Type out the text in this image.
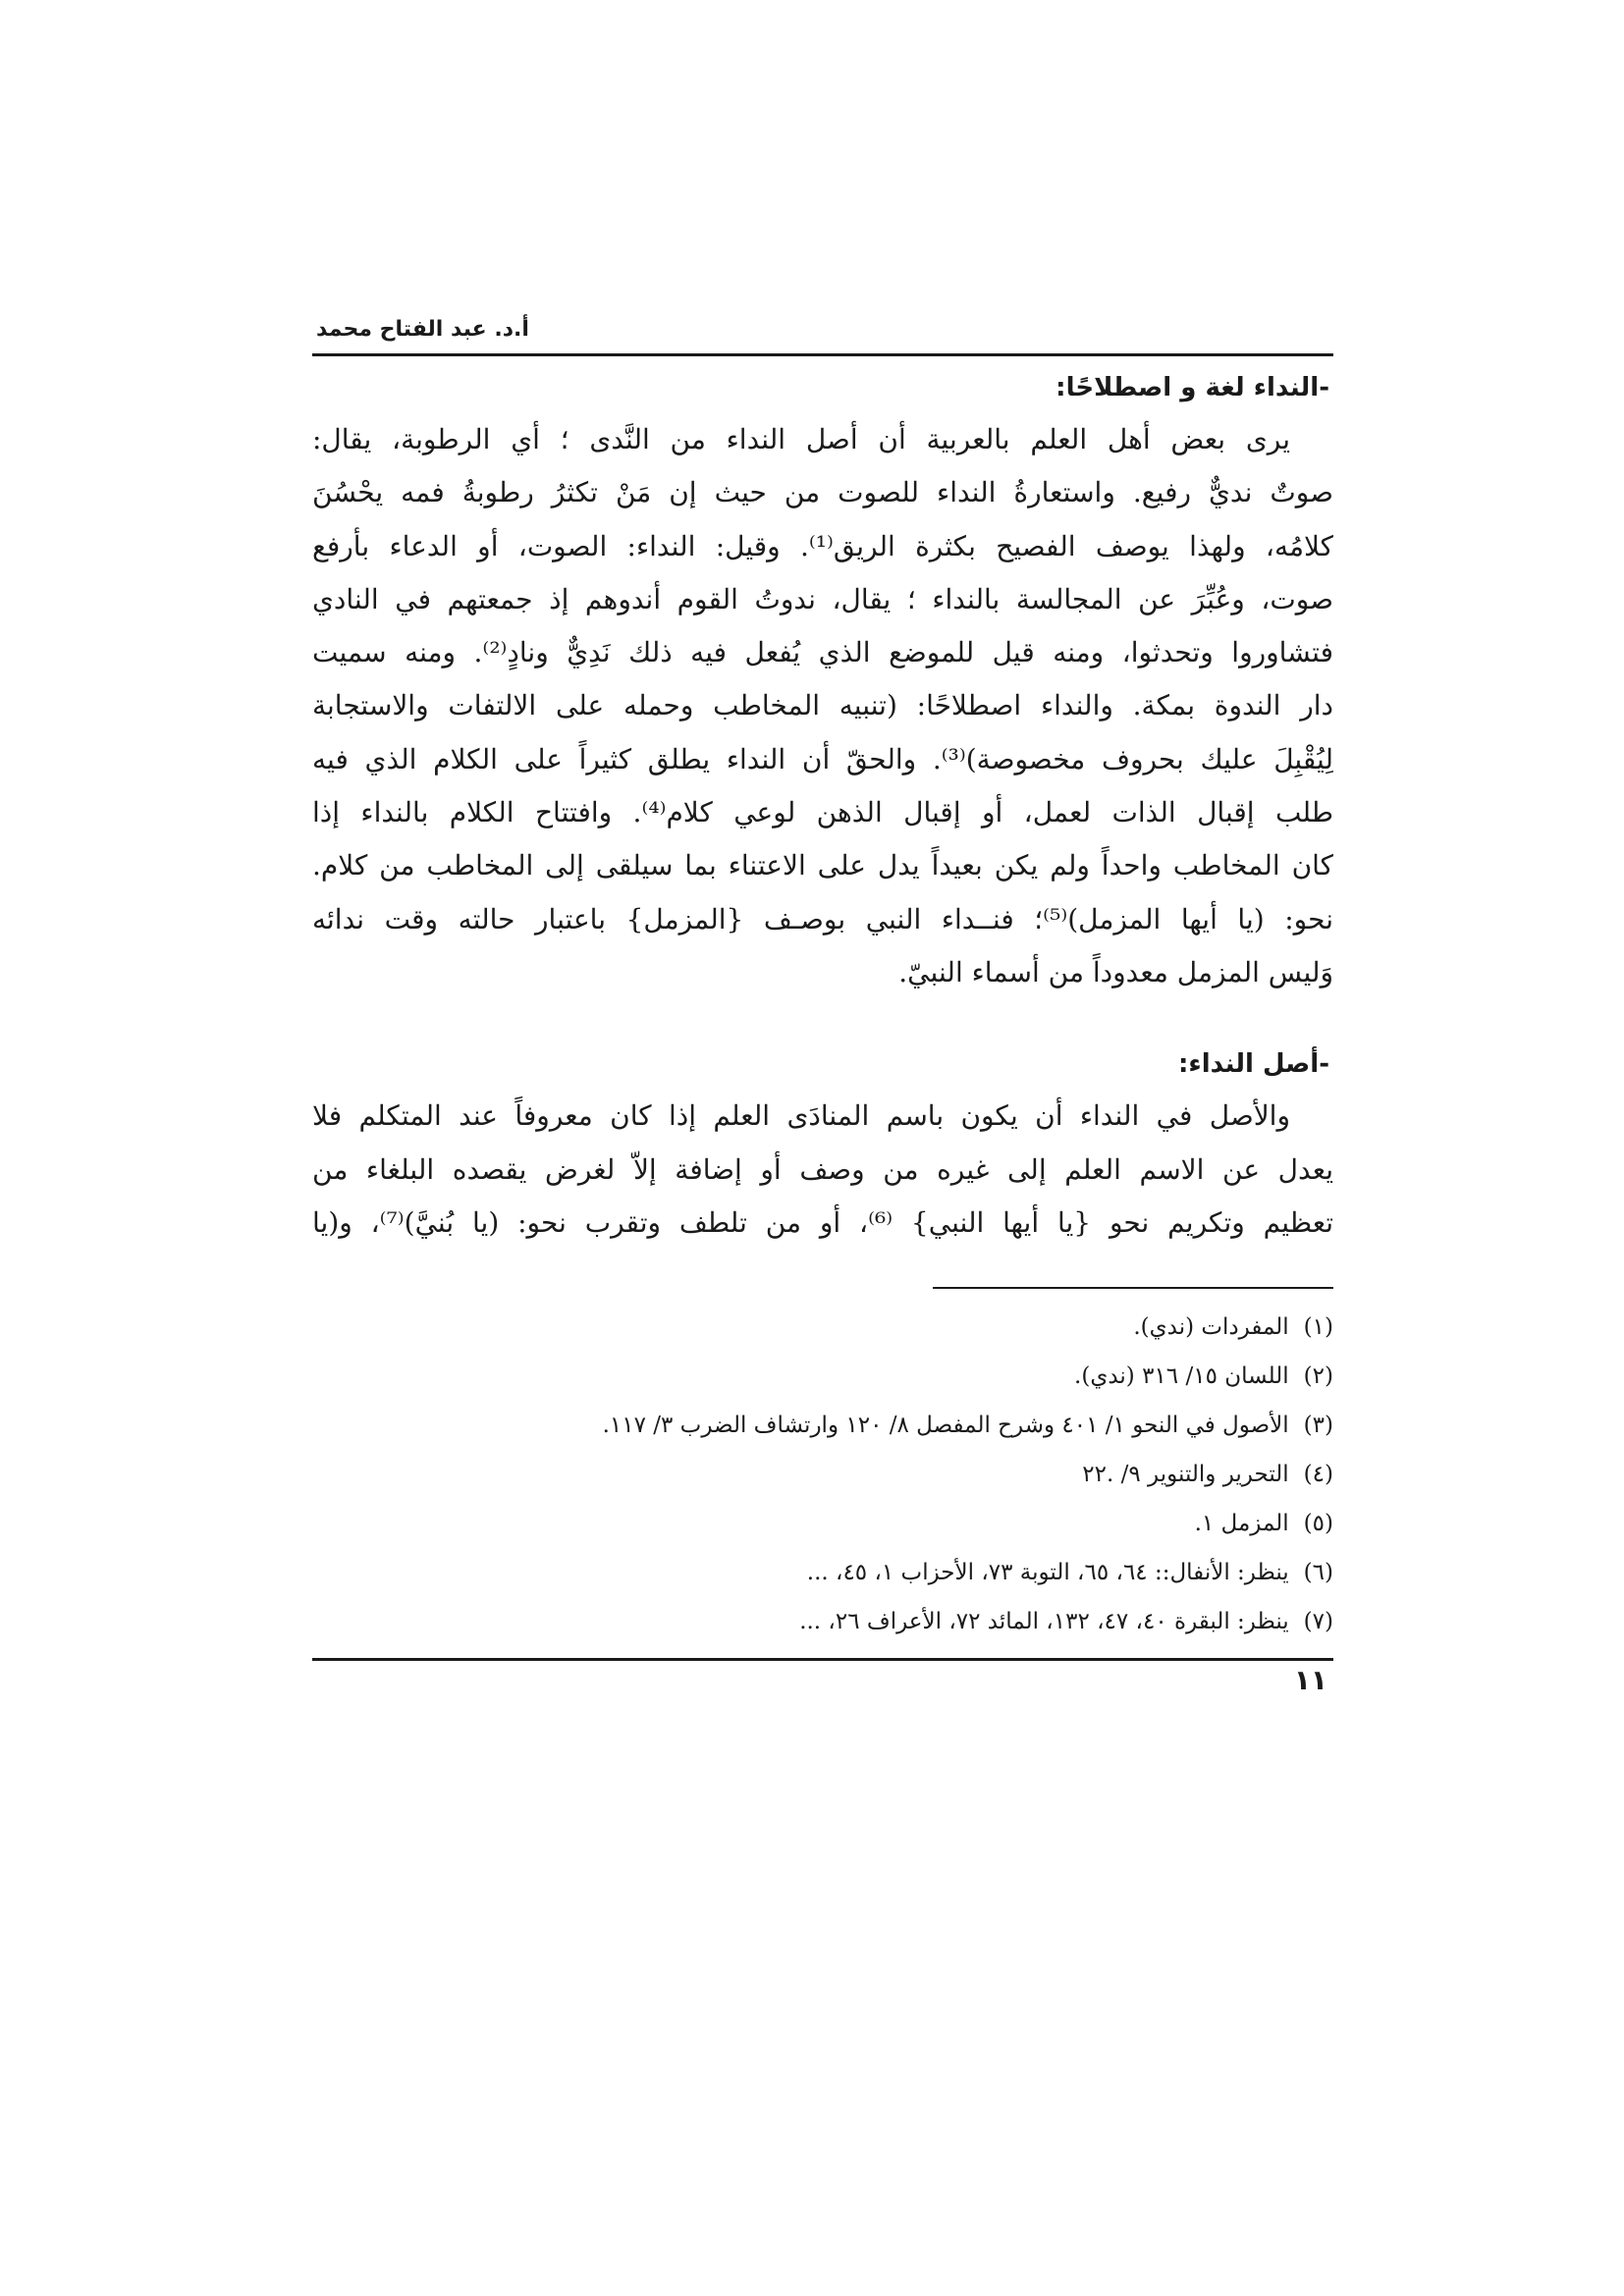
أ.د. عبد الفتاح محمد
-النداء لغة و اصطلاحًا:
يرى بعض أهل العلم بالعربية أن أصل النداء من النَّدى ؛ أي الرطوبة، يقال:
صوتٌ نديٌّ رفيع. واستعارةُ النداء للصوت من حيث إن مَنْ تكثرُ رطوبةُ فمه يحْسُنَ
كلامُه، ولهذا يوصف الفصيح بكثرة الريق⁽¹⁾. وقيل: النداء: الصوت، أو الدعاء بأرفع
صوت، وعُبِّرَ عن المجالسة بالنداء ؛ يقال، ندوتُ القوم أندوهم إذ جمعتهم في النادي
فتشاوروا وتحدثوا، ومنه قيل للموضع الذي يُفعل فيه ذلك نَدِيٌّ ونادٍ⁽²⁾. ومنه سميت
دار الندوة بمكة. والنداء اصطلاحًا: (تنبيه المخاطب وحمله على الالتفات والاستجابة
لِيُقْبِلَ عليك بحروف مخصوصة)⁽³⁾. والحقّ أن النداء يطلق كثيراً على الكلام الذي فيه
طلب إقبال الذات لعمل، أو إقبال الذهن لوعي كلام⁽⁴⁾. وافتتاح الكلام بالنداء إذا
كان المخاطب واحداً ولم يكن بعيداً يدل على الاعتناء بما سيلقى إلى المخاطب من كلام.
نحو: (يا أيها المزمل)⁽⁵⁾؛ فنــداء النبي بوصـف {المزمل} باعتبار حالته وقت ندائه
وَليس المزمل معدوداً من أسماء النبيّ.
-أصل النداء:
والأصل في النداء أن يكون باسم المنادَى العلم إذا كان معروفاً عند المتكلم فلا
يعدل عن الاسم العلم إلى غيره من وصف أو إضافة إلاّ لغرض يقصده البلغاء من
تعظيم وتكريم نحو {يا أيها النبي} ⁽⁶⁾، أو من تلطف وتقرب نحو: (يا بُنيَّ)⁽⁷⁾، و(يا
(١) المفردات (ندي).
(٢) اللسان ١٥/ ٣١٦ (ندي).
(٣) الأصول في النحو ١/ ٤٠١ وشرح المفصل ٨/ ١٢٠ وارتشاف الضرب ٣/ ١١٧.
(٤) التحرير والتنوير ٩/ .٢٢
(٥) المزمل ١.
(٦) ينظر: الأنفال:: ٦٤، ٦٥، التوبة ٧٣، الأحزاب ١، ٤٥، ...
(٧) ينظر: البقرة ٤٠، ٤٧، ١٣٢، المائد ٧٢، الأعراف ٢٦، ...
١١
